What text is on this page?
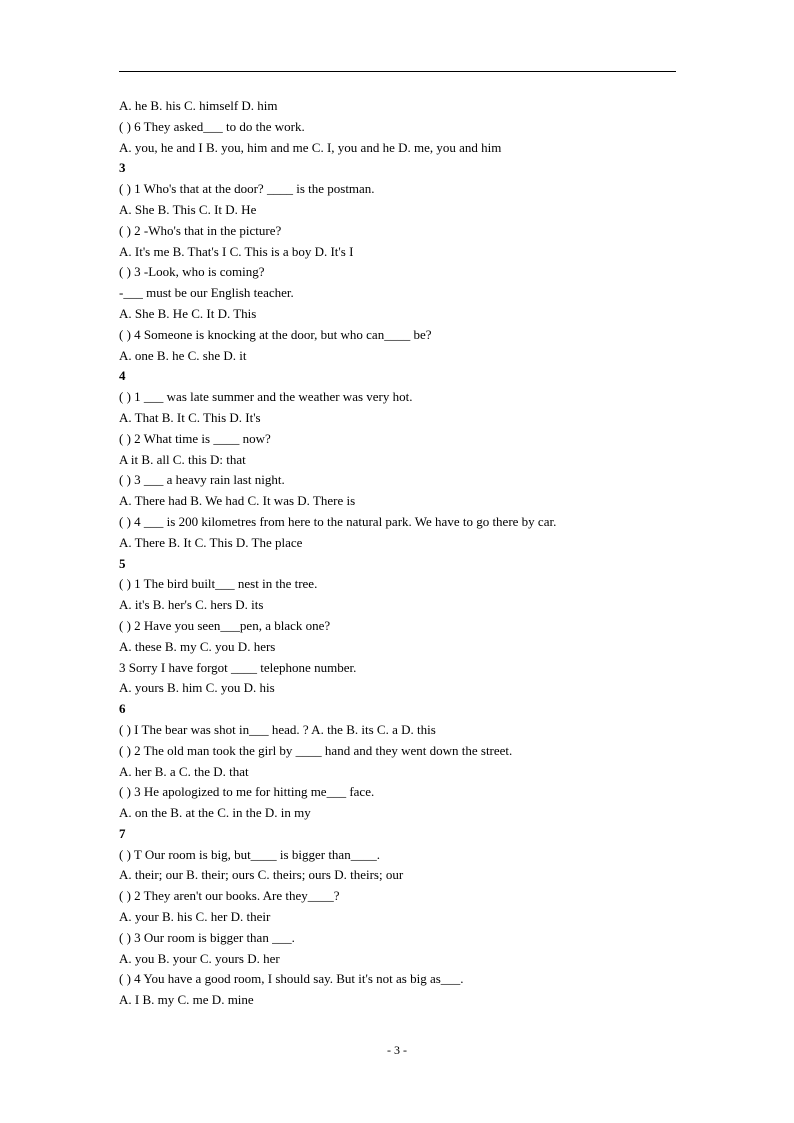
A. he B. his C. himself D. him
( ) 6 They asked___ to do the work.
A. you, he and I B. you, him and me C. I, you and he D. me, you and him
3
( ) 1 Who's that at the door? ____ is the postman.
A. She B. This C. It D. He
( ) 2 -Who's that in the picture?
A. It's me B. That's I C. This is a boy D. It's I
( ) 3 -Look, who is coming?
-___ must be our English teacher.
A. She B. He C. It D. This
( ) 4 Someone is knocking at the door, but who can____ be?
A. one B. he C. she D. it
4
( ) 1 ___ was late summer and the weather was very hot.
A. That B. It C. This D. It's
( ) 2 What time is ____ now?
A it B. all C. this D: that
( ) 3 ___ a heavy rain last night.
A. There had B. We had C. It was D. There is
( ) 4 ___ is 200 kilometres from here to the natural park. We have to go there by car.
A. There B. It C. This D. The place
5
( ) 1 The bird built___ nest in the tree.
A. it's B. her's C. hers D. its
( ) 2 Have you seen___pen, a black one?
A. these B. my C. you D. hers
3 Sorry I have forgot ____ telephone number.
A. yours B. him C. you D. his
6
( ) I The bear was shot in___ head. ? A. the B. its C. a D. this
( ) 2 The old man took the girl by ____ hand and they went down the street.
A. her B. a C. the D. that
( ) 3 He apologized to me for hitting me___ face.
A. on the B. at the C. in the D. in my
7
( ) T Our room is big, but____ is bigger than____.
A. their; our B. their; ours C. theirs; ours D. theirs; our
( ) 2 They aren't our books. Are they____?
A. your B. his C. her D. their
( ) 3 Our room is bigger than ___.
A. you B. your C. yours D. her
( ) 4 You have a good room, I should say. But it's not as big as___.
A. I B. my C. me D. mine
- 3 -
